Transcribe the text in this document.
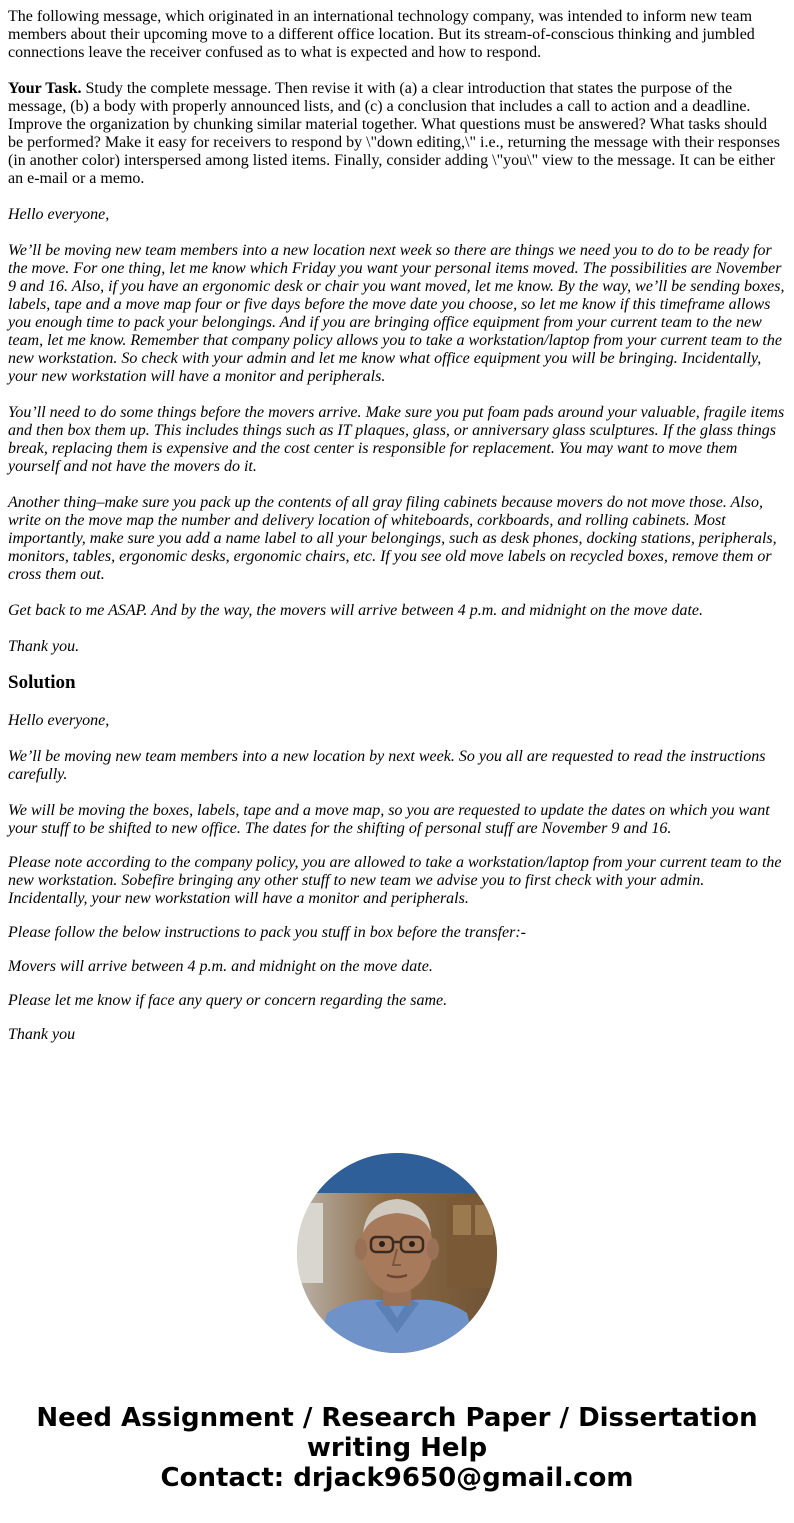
The following message, which originated in an international technology company, was intended to inform new team members about their upcoming move to a different office location. But its stream-of-conscious thinking and jumbled connections leave the receiver confused as to what is expected and how to respond.

Your Task. Study the complete message. Then revise it with (a) a clear introduction that states the purpose of the message, (b) a body with properly announced lists, and (c) a conclusion that includes a call to action and a deadline. Improve the organization by chunking similar material together. What questions must be answered? What tasks should be performed? Make it easy for receivers to respond by \"down editing,\" i.e., returning the message with their responses (in another color) interspersed among listed items. Finally, consider adding \"you\" view to the message. It can be either an e-mail or a memo.

Hello everyone,

We’ll be moving new team members into a new location next week so there are things we need you to do to be ready for the move. For one thing, let me know which Friday you want your personal items moved. The possibilities are November 9 and 16. Also, if you have an ergonomic desk or chair you want moved, let me know. By the way, we’ll be sending boxes, labels, tape and a move map four or five days before the move date you choose, so let me know if this timeframe allows you enough time to pack your belongings. And if you are bringing office equipment from your current team to the new team, let me know. Remember that company policy allows you to take a workstation/laptop from your current team to the new workstation. So check with your admin and let me know what office equipment you will be bringing. Incidentally, your new workstation will have a monitor and peripherals.

You’ll need to do some things before the movers arrive. Make sure you put foam pads around your valuable, fragile items and then box them up. This includes things such as IT plaques, glass, or anniversary glass sculptures. If the glass things break, replacing them is expensive and the cost center is responsible for replacement. You may want to move them yourself and not have the movers do it.

Another thing–make sure you pack up the contents of all gray filing cabinets because movers do not move those. Also, write on the move map the number and delivery location of whiteboards, corkboards, and rolling cabinets. Most importantly, make sure you add a name label to all your belongings, such as desk phones, docking stations, peripherals, monitors, tables, ergonomic desks, ergonomic chairs, etc. If you see old move labels on recycled boxes, remove them or cross them out.

Get back to me ASAP. And by the way, the movers will arrive between 4 p.m. and midnight on the move date.

Thank you.

Solution

Hello everyone,

We’ll be moving new team members into a new location by next week. So you all are requested to read the instructions carefully.

We will be moving the boxes, labels, tape and a move map, so you are requested to update the dates on which you want your stuff to be shifted to new office. The dates for the shifting of personal stuff are November 9 and 16.

Please note according to the company policy, you are allowed to take a workstation/laptop from your current team to the new workstation. Sobefire bringing any other stuff to new team we advise you to first check with your admin. Incidentally, your new workstation will have a monitor and peripherals.

Please follow the below instructions to pack you stuff in box before the transfer:-

Movers will arrive between 4 p.m. and midnight on the move date.

Please let me know if face any query or concern regarding the same.

Thank you

Need Assignment / Research Paper / Dissertation
writing Help
Contact: drjack9650@gmail.com
